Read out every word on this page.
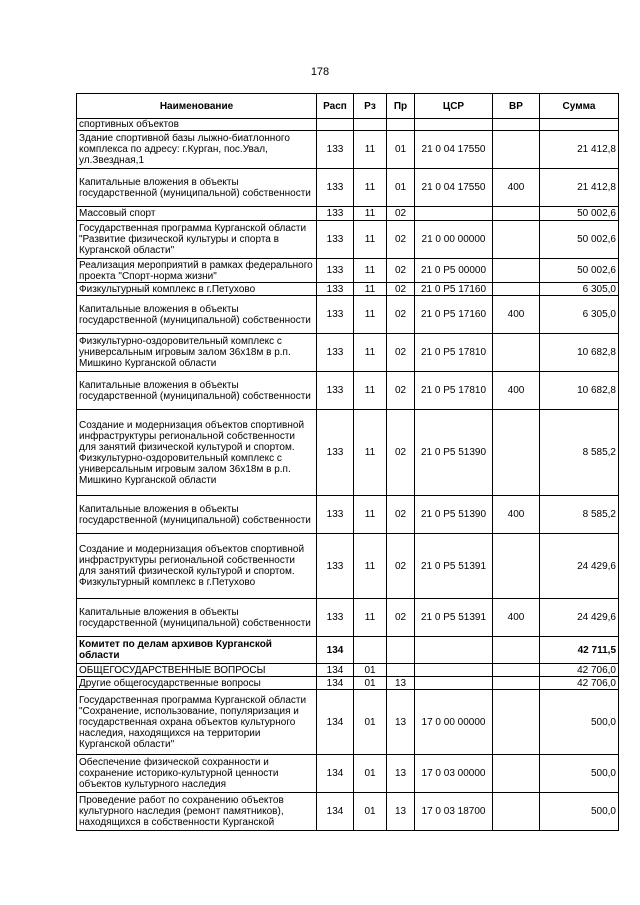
178
Наименование	Расп	Рз	Пр	ЦСР	ВР	Сумма
спортивных объектов						
Здание спортивной базы лыжно-биатлонного комплекса по адресу: г.Курган, пос.Увал, ул.Звездная,1	133	11	01	21 0 04 17550		21 412,8
Капитальные вложения в объекты государственной (муниципальной) собственности	133	11	01	21 0 04 17550	400	21 412,8
Массовый спорт	133	11	02			50 002,6
Государственная программа Курганской области "Развитие физической культуры и спорта в Курганской области"	133	11	02	21 0 00 00000		50 002,6
Реализация мероприятий в рамках федерального проекта "Спорт-норма жизни"	133	11	02	21 0 P5 00000		50 002,6
Физкультурный комплекс в г.Петухово	133	11	02	21 0 P5 17160		6 305,0
Капитальные вложения в объекты государственной (муниципальной) собственности	133	11	02	21 0 P5 17160	400	6 305,0
Физкультурно-оздоровительный комплекс с универсальным игровым залом 36х18м в р.п. Мишкино Курганской области	133	11	02	21 0 P5 17810		10 682,8
Капитальные вложения в объекты государственной (муниципальной) собственности	133	11	02	21 0 P5 17810	400	10 682,8
Создание и модернизация объектов спортивной инфраструктуры региональной собственности для занятий физической культурой и спортом. Физкультурно-оздоровительный комплекс с универсальным игровым залом 36х18м в р.п. Мишкино Курганской области	133	11	02	21 0 P5 51390		8 585,2
Капитальные вложения в объекты государственной (муниципальной) собственности	133	11	02	21 0 P5 51390	400	8 585,2
Создание и модернизация объектов спортивной инфраструктуры региональной собственности для занятий физической культурой и спортом. Физкультурный комплекс в г.Петухово	133	11	02	21 0 P5 51391		24 429,6
Капитальные вложения в объекты государственной (муниципальной) собственности	133	11	02	21 0 P5 51391	400	24 429,6
Комитет по делам архивов Курганской области	134					42 711,5
ОБЩЕГОСУДАРСТВЕННЫЕ ВОПРОСЫ	134	01				42 706,0
Другие общегосударственные вопросы	134	01	13			42 706,0
Государственная программа Курганской области "Сохранение, использование, популяризация и государственная охрана объектов культурного наследия, находящихся на территории Курганской области"	134	01	13	17 0 00 00000		500,0
Обеспечение физической сохранности и сохранение историко-культурной ценности объектов культурного наследия	134	01	13	17 0 03 00000		500,0
Проведение работ по сохранению объектов культурного наследия (ремонт памятников), находящихся в собственности Курганской	134	01	13	17 0 03 18700		500,0
